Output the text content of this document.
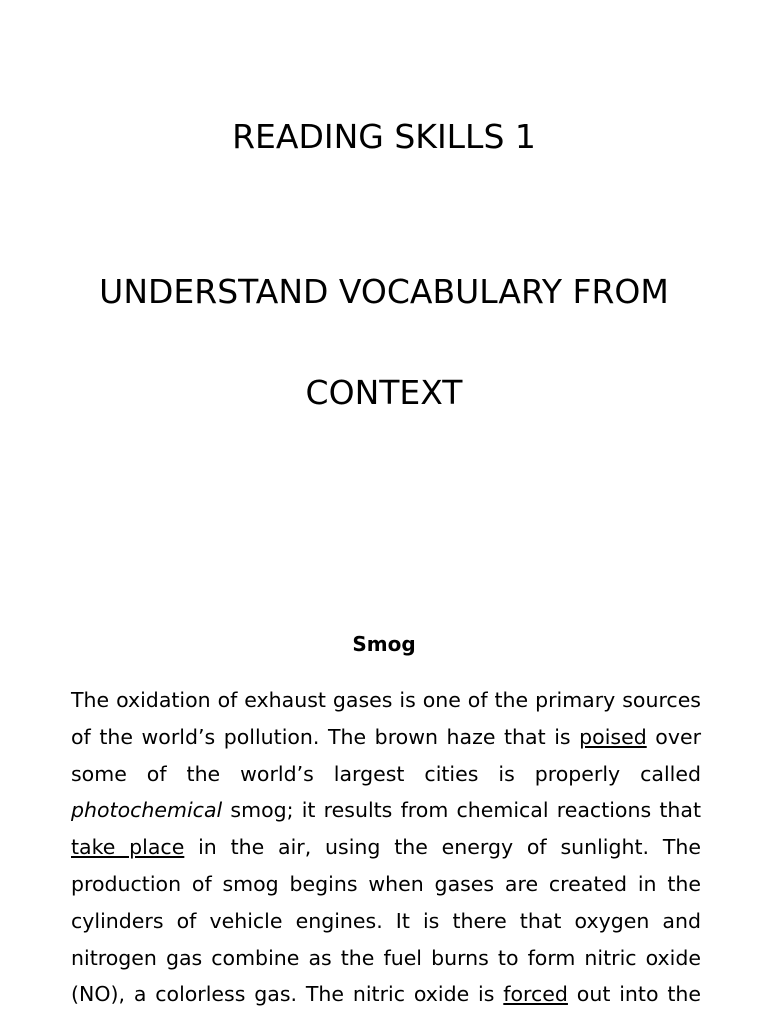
READING SKILLS 1
UNDERSTAND VOCABULARY FROM
CONTEXT
Smog
The oxidation of exhaust gases is one of the primary sources
of the world’s pollution. The brown haze that is poised over
some of the world’s largest cities is properly called
photochemical smog; it results from chemical reactions that
take place in the air, using the energy of sunlight. The
production of smog begins when gases are created in the
cylinders of vehicle engines. It is there that oxygen and
nitrogen gas combine as the fuel burns to form nitric oxide
(NO), a colorless gas. The nitric oxide is forced out into the
